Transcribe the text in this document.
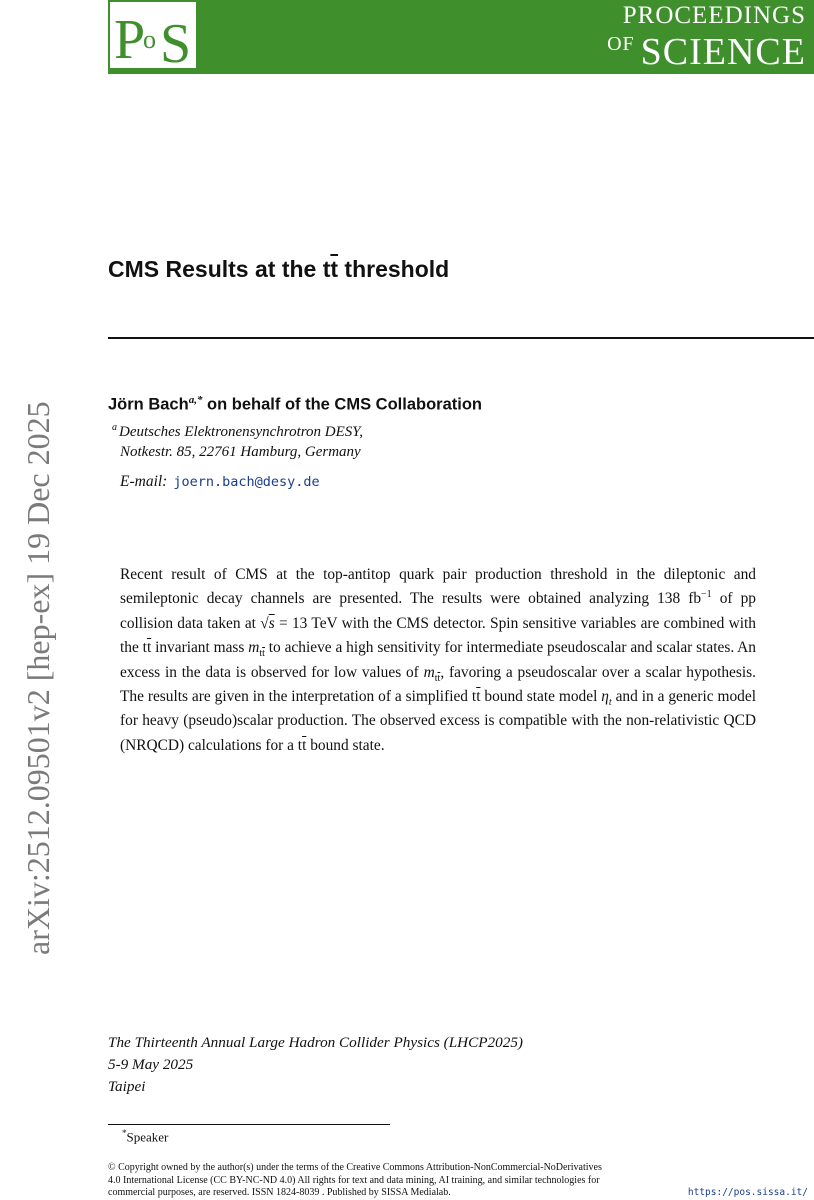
P
o S	PROCEEDINGS
OF SCIENCE
arXiv:2512.09501v2 [hep-ex] 19 Dec 2025
CMS Results at the $t\overline{t}$ threshold
Jörn Bach$^{a,*}$ on behalf of the CMS Collaboration
$^a$ Deutsches Elektronensynchrotron DESY,
Notkestr. 85, 22761 Hamburg, Germany
E-mail: joern.bach@desy.de
Recent result of CMS at the top-antitop quark pair production threshold in the dileptonic and semileptonic decay channels are presented. The results were obtained analyzing 138 $fb^{-1}$ of pp collision data taken at √s = 13 TeV with the CMS detector. Spin sensitive variables are combined with the $t\overline{t}$ invariant mass $m_{t\overline{t}}$ to achieve a high sensitivity for intermediate pseudoscalar and scalar states. An excess in the data is observed for low values of $m_{t\overline{t}}$, favoring a pseudoscalar over a scalar hypothesis. The results are given in the interpretation of a simplified $t\overline{t}$ bound state model $\eta_t$ and in a generic model for heavy (pseudo)scalar production. The observed excess is compatible with the non-relativistic QCD (NRQCD) calculations for a $t\overline{t}$ bound state.
The Thirteenth Annual Large Hadron Collider Physics (LHCP2025)
5-9 May 2025
Taipei
*Speaker
© Copyright owned by the author(s) under the terms of the Creative Commons Attribution-NonCommercial-NoDerivatives 4.0 International License (CC BY-NC-ND 4.0) All rights for text and data mining, AI training, and similar technologies for commercial purposes, are reserved. ISSN 1824-8039 . Published by SISSA Medialab.	https://pos.sissa.it/
